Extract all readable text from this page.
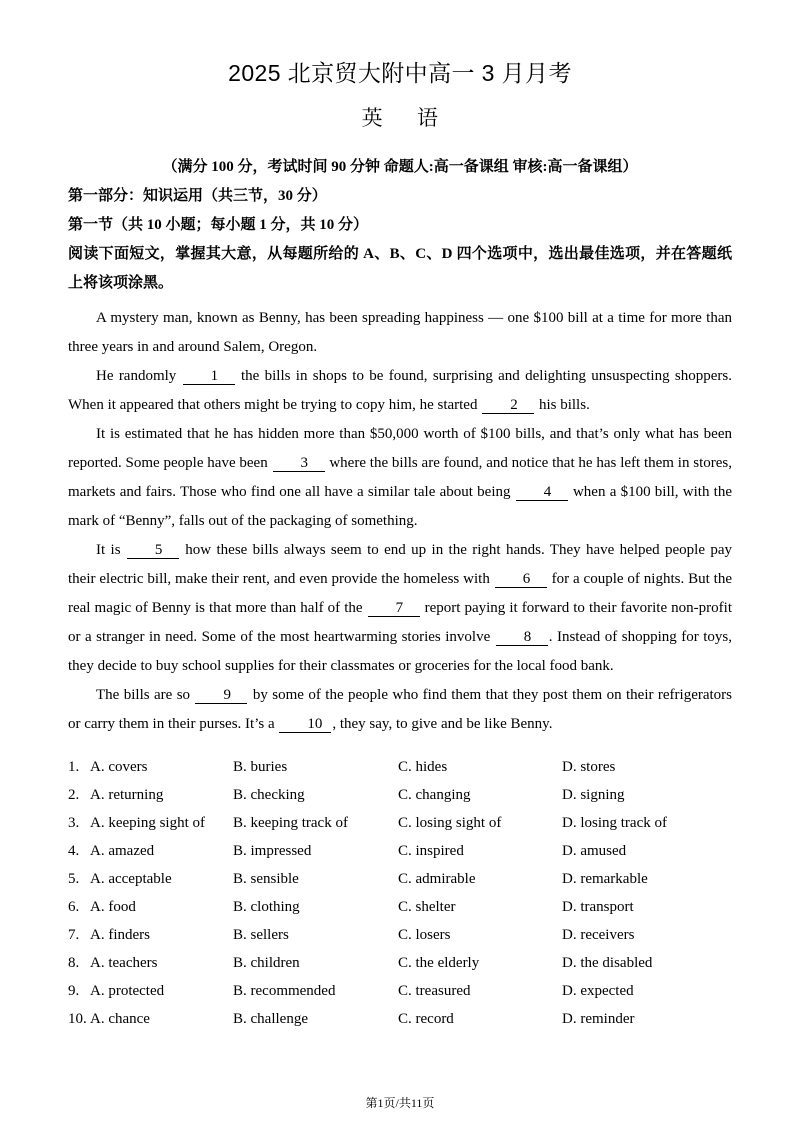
2025 北京贸大附中高一 3 月月考
英 语
（满分 100 分，考试时间 90 分钟 命题人:高一备课组 审核:高一备课组）
第一部分：知识运用（共三节，30 分）
第一节（共 10 小题；每小题 1 分，共 10 分）
阅读下面短文，掌握其大意，从每题所给的 A、B、C、D 四个选项中，选出最佳选项，并在答题纸上将该项涂黑。

A mystery man, known as Benny, has been spreading happiness — one $100 bill at a time for more than three years in and around Salem, Oregon.

He randomly 1 the bills in shops to be found, surprising and delighting unsuspecting shoppers. When it appeared that others might be trying to copy him, he started 2 his bills.

It is estimated that he has hidden more than $50,000 worth of $100 bills, and that’s only what has been reported. Some people have been 3 where the bills are found, and notice that he has left them in stores, markets and fairs. Those who find one all have a similar tale about being 4 when a $100 bill, with the mark of “Benny”, falls out of the packaging of something.

It is 5 how these bills always seem to end up in the right hands. They have helped people pay their electric bill, make their rent, and even provide the homeless with 6 for a couple of nights. But the real magic of Benny is that more than half of the 7 report paying it forward to their favorite non-profit or a stranger in need. Some of the most heartwarming stories involve 8 . Instead of shopping for toys, they decide to buy school supplies for their classmates or groceries for the local food bank.

The bills are so 9 by some of the people who find them that they post them on their refrigerators or carry them in their purses. It’s a 10 , they say, to give and be like Benny.

1. A. covers	B. buries	C. hides	D. stores
2. A. returning	B. checking	C. changing	D. signing
3. A. keeping sight of B. keeping track of	C. losing sight of	D. losing track of
4. A. amazed	B. impressed	C. inspired	D. amused
5. A. acceptable	B. sensible	C. admirable	D. remarkable
6. A. food	B. clothing	C. shelter	D. transport
7. A. finders	B. sellers	C. losers	D. receivers
8. A. teachers	B. children	C. the elderly	D. the disabled
9. A. protected	B. recommended	C. treasured	D. expected
10. A. chance	B. challenge	C. record	D. reminder
第1页/共11页
